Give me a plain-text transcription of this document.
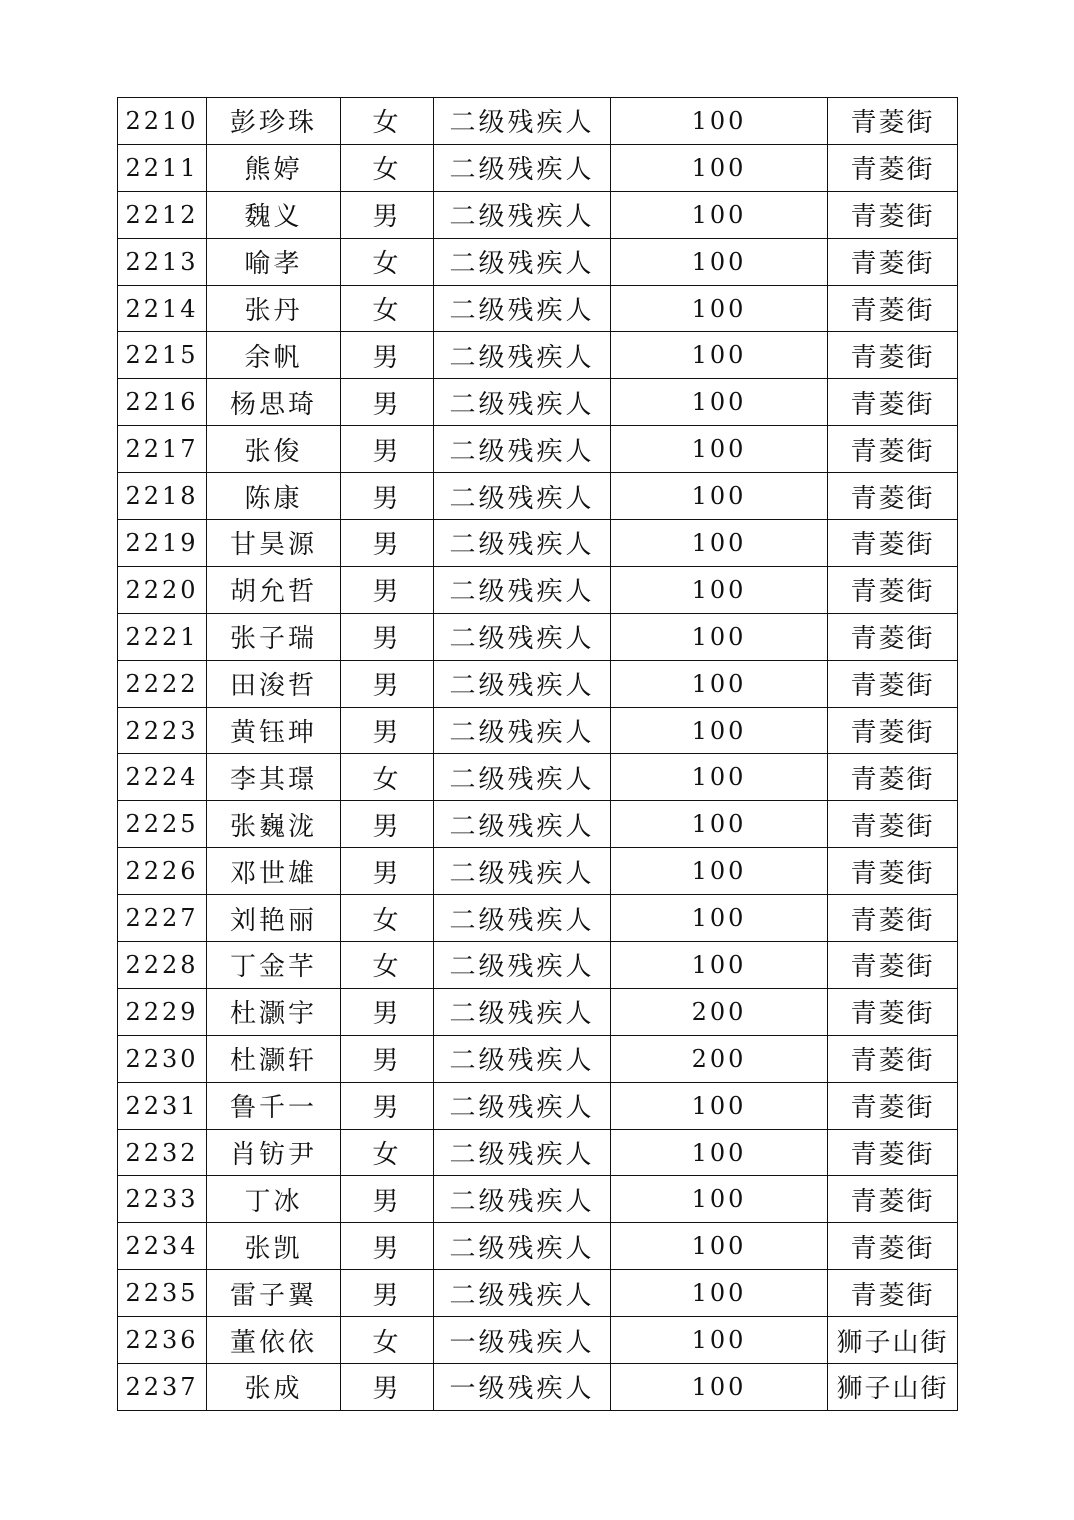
2210	彭珍珠	女	二级残疾人	100	青菱街
2211	熊婷	女	二级残疾人	100	青菱街
2212	魏义	男	二级残疾人	100	青菱街
2213	喻孝	女	二级残疾人	100	青菱街
2214	张丹	女	二级残疾人	100	青菱街
2215	余帆	男	二级残疾人	100	青菱街
2216	杨思琦	男	二级残疾人	100	青菱街
2217	张俊	男	二级残疾人	100	青菱街
2218	陈康	男	二级残疾人	100	青菱街
2219	甘昊源	男	二级残疾人	100	青菱街
2220	胡允哲	男	二级残疾人	100	青菱街
2221	张子瑞	男	二级残疾人	100	青菱街
2222	田浚哲	男	二级残疾人	100	青菱街
2223	黄钰珅	男	二级残疾人	100	青菱街
2224	李其璟	女	二级残疾人	100	青菱街
2225	张巍泷	男	二级残疾人	100	青菱街
2226	邓世雄	男	二级残疾人	100	青菱街
2227	刘艳丽	女	二级残疾人	100	青菱街
2228	丁金芊	女	二级残疾人	100	青菱街
2229	杜灏宇	男	二级残疾人	200	青菱街
2230	杜灏轩	男	二级残疾人	200	青菱街
2231	鲁千一	男	二级残疾人	100	青菱街
2232	肖钫尹	女	二级残疾人	100	青菱街
2233	丁冰	男	二级残疾人	100	青菱街
2234	张凯	男	二级残疾人	100	青菱街
2235	雷子翼	男	二级残疾人	100	青菱街
2236	董依依	女	一级残疾人	100	狮子山街
2237	张成	男	一级残疾人	100	狮子山街
